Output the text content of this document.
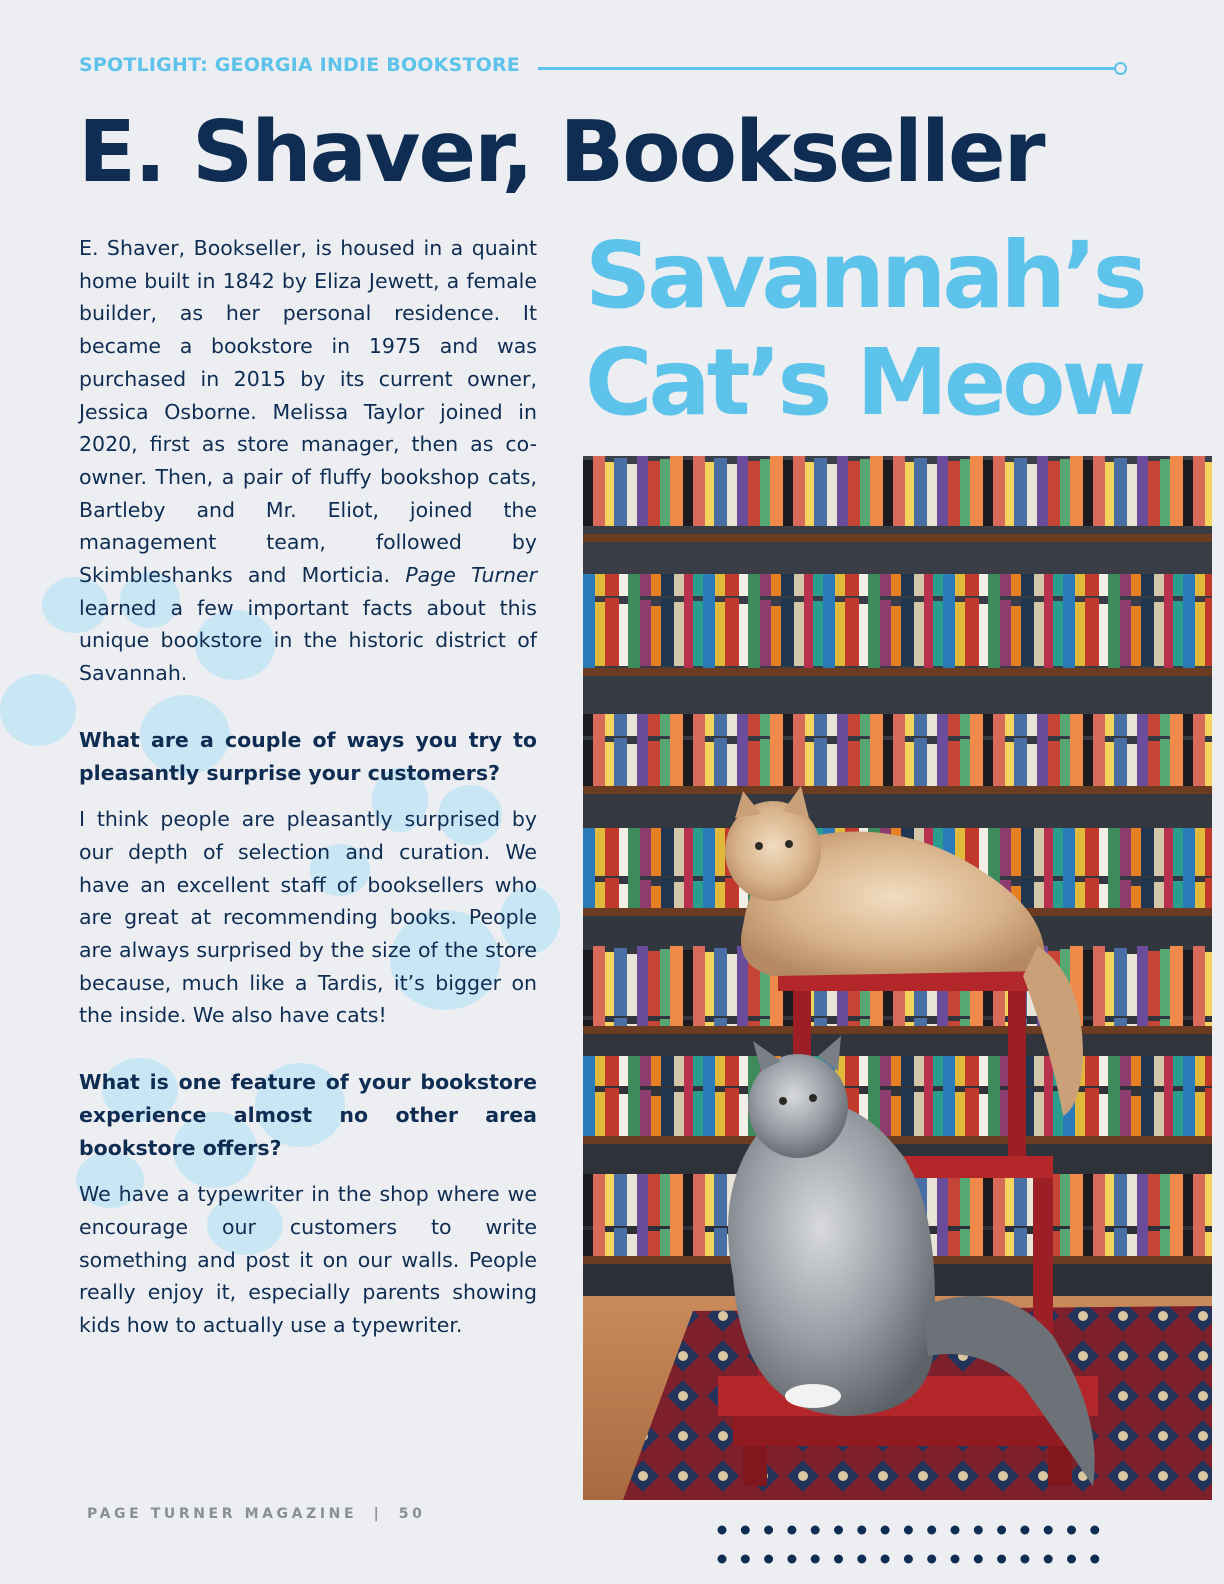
SPOTLIGHT: GEORGIA INDIE BOOKSTORE
E. Shaver, Bookseller
Savannah’s
Cat’s Meow

E. Shaver, Bookseller, is housed in a quaint home built in 1842 by Eliza Jewett, a female builder, as her personal residence. It became a bookstore in 1975 and was purchased in 2015 by its current owner, Jessica Osborne. Melissa Taylor joined in 2020, first as store manager, then as co-owner. Then, a pair of fluffy bookshop cats, Bartleby and Mr. Eliot, joined the management team, followed by Skimbleshanks and Morticia. Page Turner learned a few important facts about this unique bookstore in the historic district of Savannah.

What are a couple of ways you try to pleasantly surprise your customers?

I think people are pleasantly surprised by our depth of selection and curation. We have an excellent staff of booksellers who are great at recommending books. People are always surprised by the size of the store because, much like a Tardis, it’s bigger on the inside. We also have cats!

What is one feature of your bookstore experience almost no other area bookstore offers?

We have a typewriter in the shop where we encourage our customers to write something and post it on our walls. People really enjoy it, especially parents showing kids how to actually use a typewriter.

PAGE TURNER MAGAZINE | 50
